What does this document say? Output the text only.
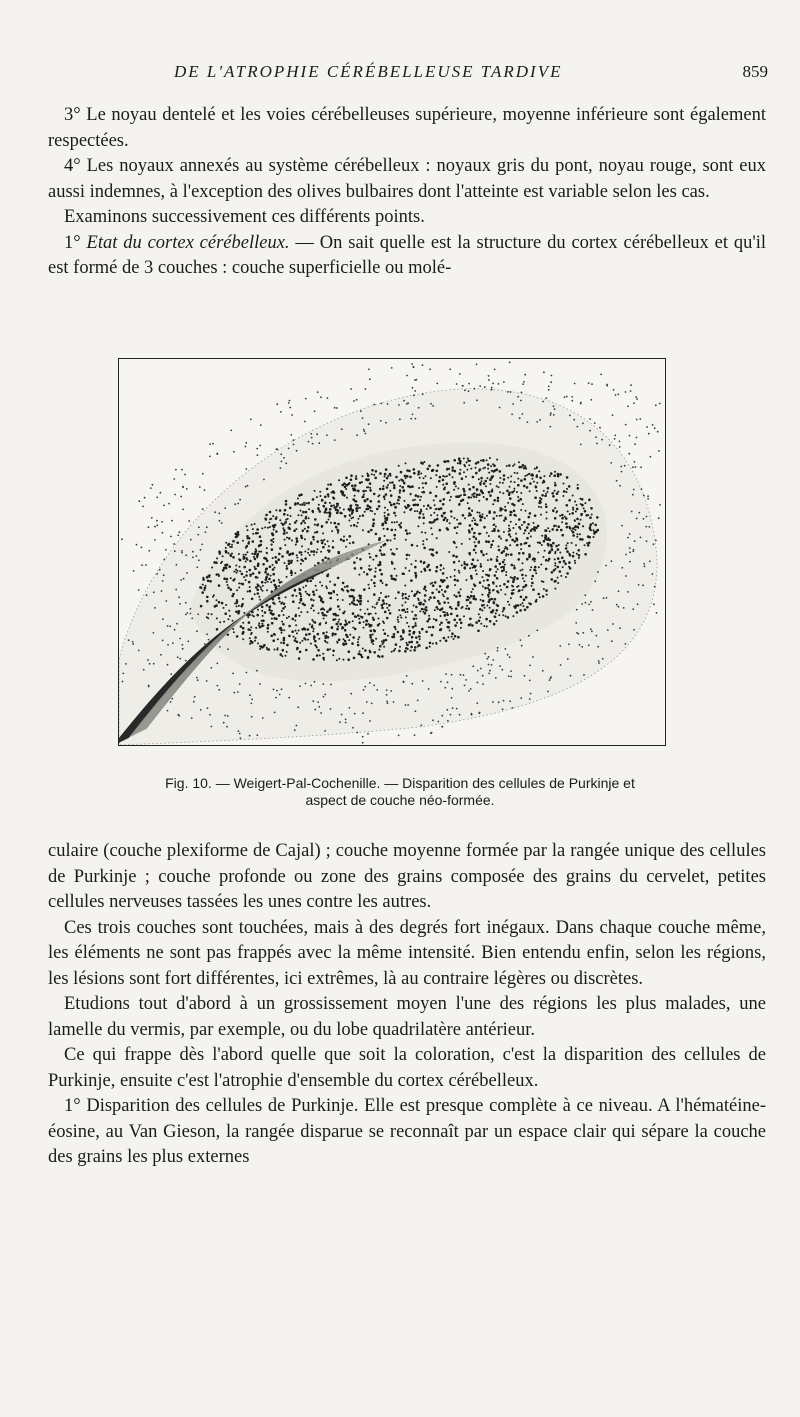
DE L'ATROPHIE CÉRÉBELLEUSE TARDIVE	859

3° Le noyau dentelé et les voies cérébelleuses supérieure, moyenne inférieure sont également respectées.

4° Les noyaux annexés au système cérébelleux : noyaux gris du pont, noyau rouge, sont eux aussi indemnes, à l'exception des olives bulbaires dont l'atteinte est variable selon les cas.

Examinons successivement ces différents points.

1° Etat du cortex cérébelleux. — On sait quelle est la structure du cortex cérébelleux et qu'il est formé de 3 couches : couche superficielle ou molé-

Fig. 10. — Weigert-Pal-Cochenille. — Disparition des cellules de Purkinje et
aspect de couche néo-formée.

culaire (couche plexiforme de Cajal) ; couche moyenne formée par la rangée unique des cellules de Purkinje ; couche profonde ou zone des grains composée des grains du cervelet, petites cellules nerveuses tassées les unes contre les autres.

Ces trois couches sont touchées, mais à des degrés fort inégaux. Dans chaque couche même, les éléments ne sont pas frappés avec la même intensité. Bien entendu enfin, selon les régions, les lésions sont fort différentes, ici extrêmes, là au contraire légères ou discrètes.

Etudions tout d'abord à un grossissement moyen l'une des régions les plus malades, une lamelle du vermis, par exemple, ou du lobe quadrilatère antérieur.

Ce qui frappe dès l'abord quelle que soit la coloration, c'est la disparition des cellules de Purkinje, ensuite c'est l'atrophie d'ensemble du cortex cérébelleux.

1° Disparition des cellules de Purkinje. Elle est presque complète à ce niveau. A l'hématéine-éosine, au Van Gieson, la rangée disparue se reconnaît par un espace clair qui sépare la couche des grains les plus externes
